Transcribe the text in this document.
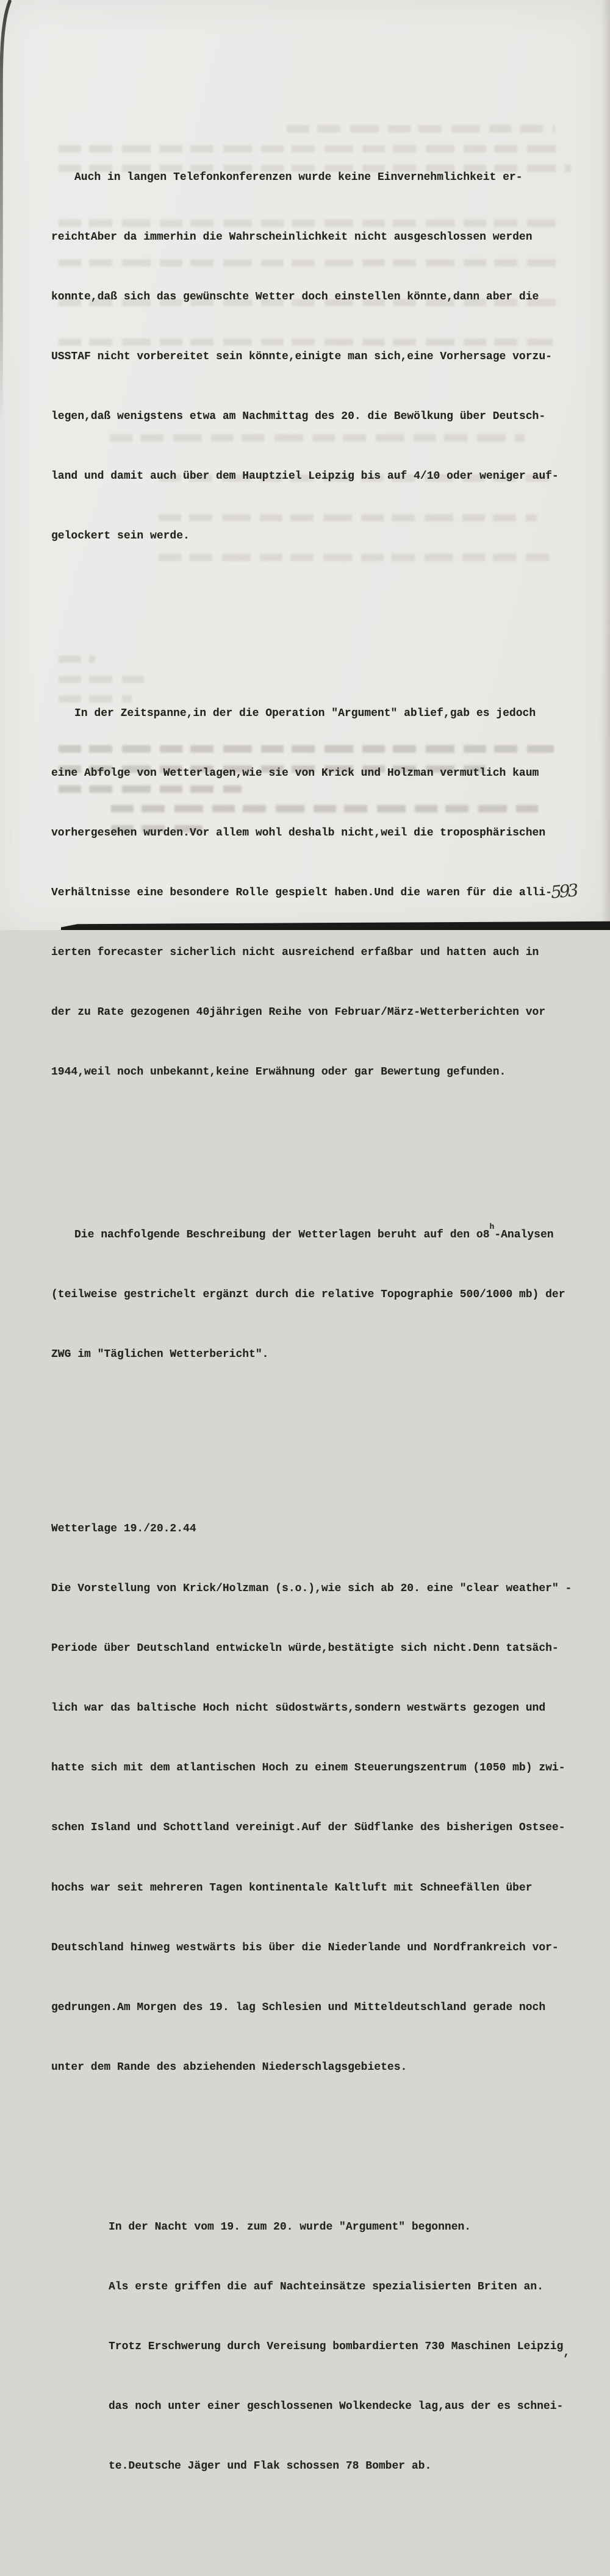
Auch in langen Telefonkonferenzen wurde keine Einvernehmlichkeit er-

reichtAber da immerhin die Wahrscheinlichkeit nicht ausgeschlossen werden

konnte,daß sich das gewünschte Wetter doch einstellen könnte,dann aber die

USSTAF nicht vorbereitet sein könnte,einigte man sich,eine Vorhersage vorzu-

legen,daß wenigstens etwa am Nachmittag des 20. die Bewölkung über Deutsch-

land und damit auch über dem Hauptziel Leipzig bis auf 4/10 oder weniger auf-

gelockert sein werde.

In der Zeitspanne,in der die Operation "Argument" ablief,gab es jedoch

eine Abfolge von Wetterlagen,wie sie von Krick und Holzman vermutlich kaum

vorhergesehen wurden.Vor allem wohl deshalb nicht,weil die troposphärischen

Verhältnisse eine besondere Rolle gespielt haben.Und die waren für die alli-

ierten forecaster sicherlich nicht ausreichend erfaßbar und hatten auch in

der zu Rate gezogenen 40jährigen Reihe von Februar/März-Wetterberichten vor

1944,weil noch unbekannt,keine Erwähnung oder gar Bewertung gefunden.

Die nachfolgende Beschreibung der Wetterlagen beruht auf den o8$^h$-Analysen

(teilweise gestrichelt ergänzt durch die relative Topographie 500/1000 mb) der

ZWG im "Täglichen Wetterbericht".

Wetterlage 19./20.2.44

Die Vorstellung von Krick/Holzman (s.o.),wie sich ab 20. eine "clear weather" -

Periode über Deutschland entwickeln würde,bestätigte sich nicht.Denn tatsäch-

lich war das baltische Hoch nicht südostwärts,sondern westwärts gezogen und

hatte sich mit dem atlantischen Hoch zu einem Steuerungszentrum (1050 mb) zwi-

schen Island und Schottland vereinigt.Auf der Südflanke des bisherigen Ostsee-

hochs war seit mehreren Tagen kontinentale Kaltluft mit Schneefällen über

Deutschland hinweg westwärts bis über die Niederlande und Nordfrankreich vor-

gedrungen.Am Morgen des 19. lag Schlesien und Mitteldeutschland gerade noch

unter dem Rande des abziehenden Niederschlagsgebietes.

In der Nacht vom 19. zum 20. wurde "Argument" begonnen.

Als erste griffen die auf Nachteinsätze spezialisierten Briten an.

Trotz Erschwerung durch Vereisung bombardierten 730 Maschinen Leipzig$_,$

das noch unter einer geschlossenen Wolkendecke lag,aus der es schnei-

te.Deutsche Jäger und Flak schossen 78 Bomber ab.

593
